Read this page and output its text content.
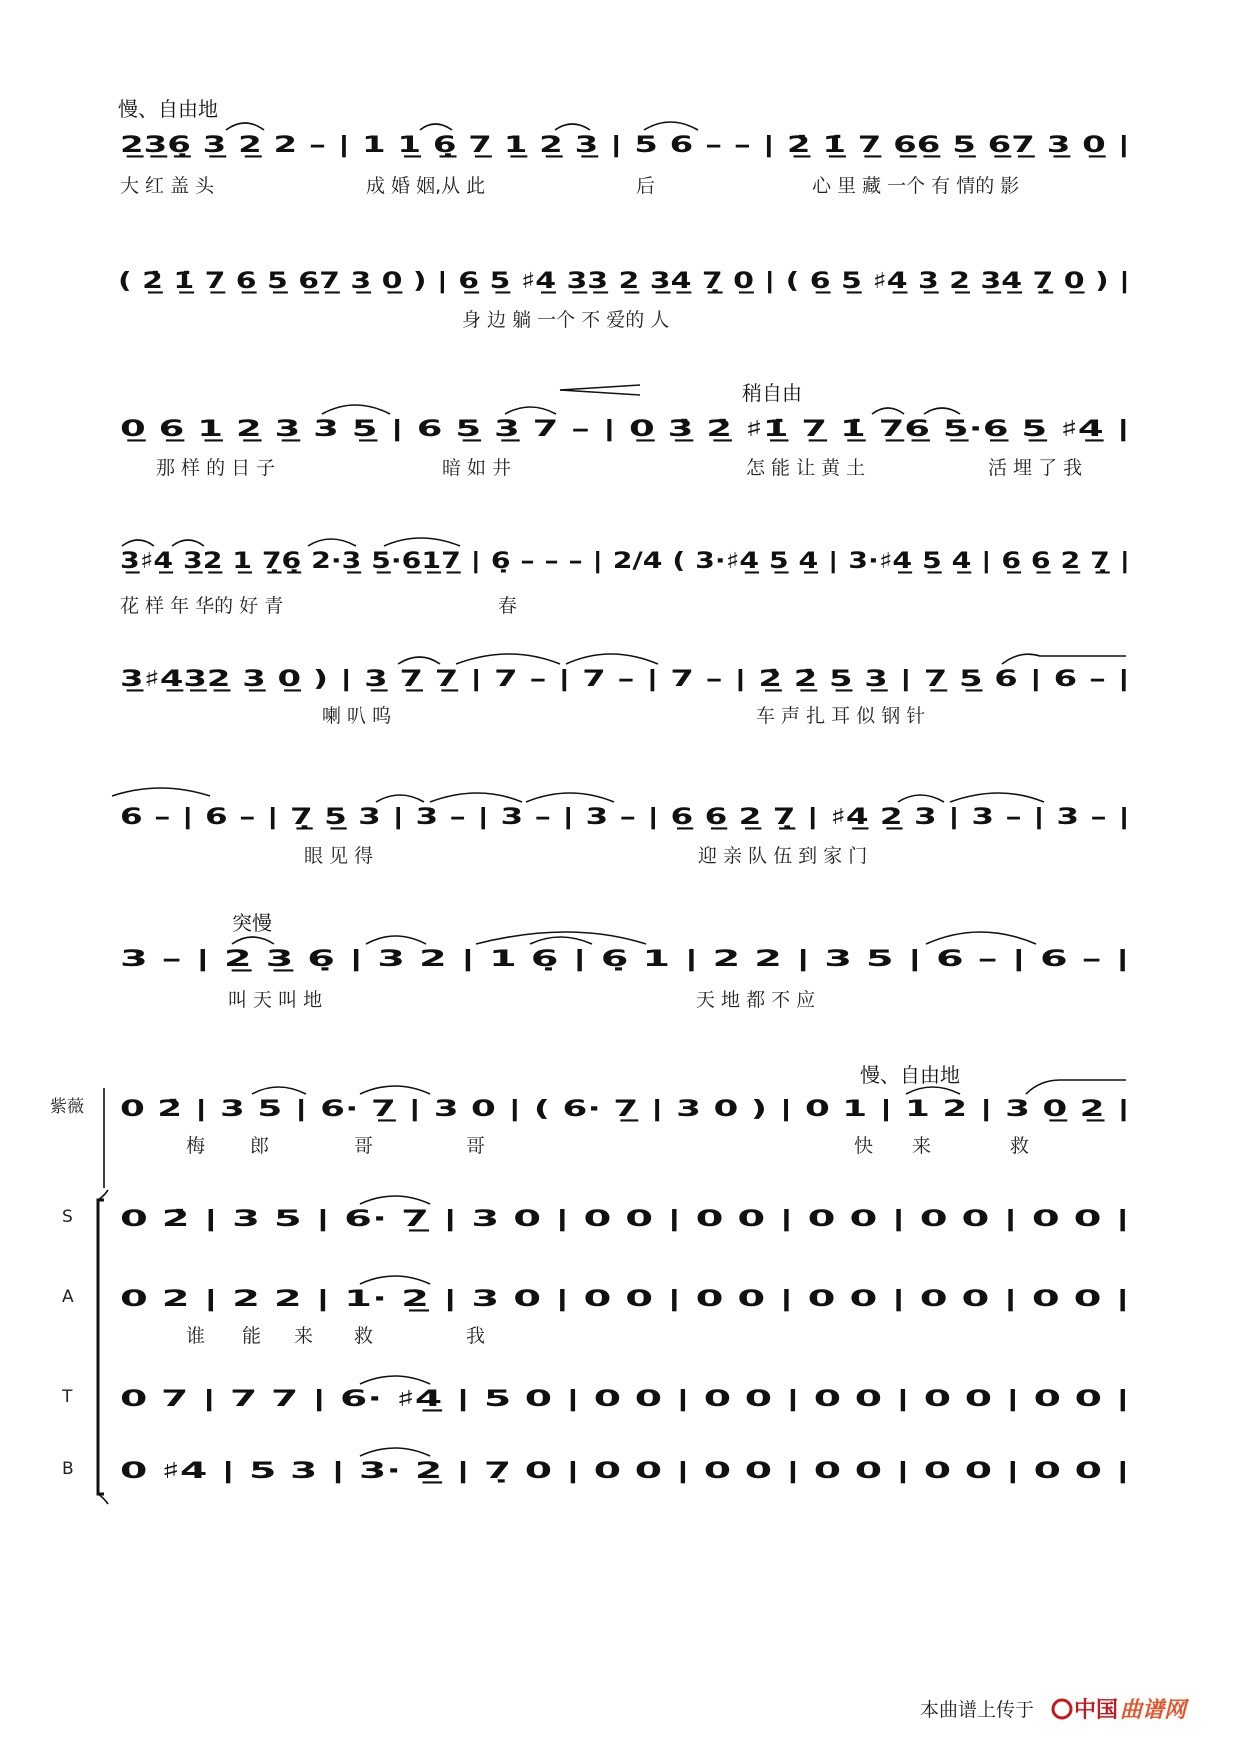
慢、自由地
稍自由
突慢
慢、自由地
2̲3̲6̣̲ 3̲ 2̲ 2 – | 1 1̲ 6̣̲ 7̲ 1̲ 2̲ 3̲ | 5 6 – – | 2̲̇ 1̲̇ 7̲ 6̲6̲ 5̲ 6̲7̲ 3̲ 0̲ |
大 红 盖 头	成 婚 姻,从 此	后	心 里 藏 一个 有 情的 影
( 2̲̇ 1̲̇ 7̲ 6̲ 5̲ 6̲7̲ 3̲ 0̲ ) | 6̲ 5̲ ♯4̲ 3̲3̲ 2̲ 3̲4̲ 7̣̲ 0̲ | ( 6̲ 5̲ ♯4̲ 3̲ 2̲ 3̲4̲ 7̣̲ 0̲ ) |
身 边 躺 一个 不 爱的 人
0̲ 6̲ 1̲ 2̲ 3̲ 3 5̲ | 6 5̲ 3̲ 7 – | 0̲ 3̲̇ 2̲̇ ♯1̲̇ 7̲ 1̲̇ 7̲6̲ 5̲·6̲ 5̲ ♯4̲ |
那 样 的 日 子	暗 如 井	怎 能 让 黄 土	活 埋 了 我
3̲♯4̲ 3̲2̲ 1̲ 7̣̲6̣̲ 2·3̲ 5̲·6̲1̲7̲ | 6̣ – – – | 2/4 ( 3·♯4̲ 5̲ 4̲ | 3·♯4̲ 5̲ 4̲ | 6̲ 6̲ 2̲ 7̣̲ |
花 样 年 华的 好 青	春
3̲♯4̲3̲2̲ 3̲ 0̲ ) | 3̲ 7̲ 7̲ | 7 – | 7 – | 7 – | 2̲̇ 2̲̇ 5̲ 3̲ | 7̲ 5̲ 6 | 6 – |
喇 叭 呜	车 声 扎 耳 似 钢 针
6 – | 6 – | 7̣̲ 5̲ 3 | 3 – | 3 – | 3 – | 6̲ 6̲ 2̲ 7̣̲ | ♯4̲ 2̲ 3 | 3 – | 3 – |
眼 见 得	迎 亲 队 伍 到 家 门
3 – | 2̲ 3̲ 6̣ | 3 2 | 1 6̣ | 6̣ 1 | 2 2 | 3 5 | 6 – | 6 – |
叫 天 叫 地	天 地 都 不 应
紫薇
S
A
T
B
0 2̇ | 3 5 | 6· 7̲ | 3 0 | ( 6· 7̲ | 3 0 ) | 0 1 | 1 2 | 3 0̲ 2̲ |
梅 郎	哥	哥	快 来	救
0 2̇ | 3 5 | 6· 7̲ | 3 0 | 0 0 | 0 0 | 0 0 | 0 0 | 0 0 |
0 2 | 2 2 | 1· 2̲ | 3 0 | 0 0 | 0 0 | 0 0 | 0 0 | 0 0 |
谁 能 来 救	我
0 7 | 7 7 | 6· ♯4̲ | 5 0 | 0 0 | 0 0 | 0 0 | 0 0 | 0 0 |
0 ♯4 | 5 3 | 3· 2̲ | 7̣ 0 | 0 0 | 0 0 | 0 0 | 0 0 | 0 0 |
本曲谱上传于 中国 曲谱网
